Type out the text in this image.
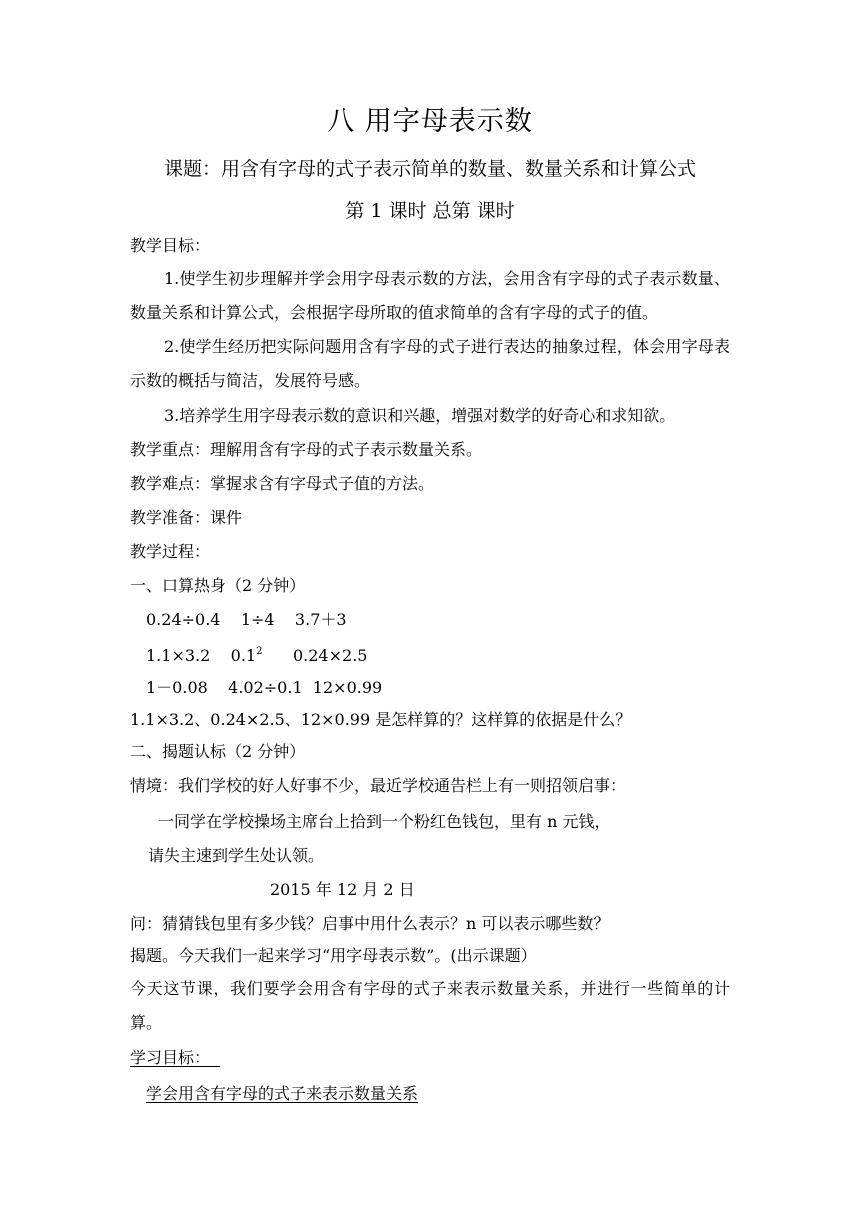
八 用字母表示数
课题：用含有字母的式子表示简单的数量、数量关系和计算公式
第 1 课时 总第 课时
教学目标：
1.使学生初步理解并学会用字母表示数的方法，会用含有字母的式子表示数量、数量关系和计算公式，会根据字母所取的值求简单的含有字母的式子的值。
2.使学生经历把实际问题用含有字母的式子进行表达的抽象过程，体会用字母表示数的概括与简洁，发展符号感。
3.培养学生用字母表示数的意识和兴趣，增强对数学的好奇心和求知欲。
教学重点：理解用含有字母的式子表示数量关系。
教学难点：掌握求含有字母式子值的方法。
教学准备：课件
教学过程：
一、口算热身（2 分钟）
0.24÷0.4    1÷4    3.7＋3
1.1×3.2    $0.1^2$      0.24×2.5
1－0.08    4.02÷0.1  12×0.99
1.1×3.2、0.24×2.5、12×0.99 是怎样算的？这样算的依据是什么？
二、揭题认标（2 分钟）
情境：我们学校的好人好事不少，最近学校通告栏上有一则招领启事：
一同学在学校操场主席台上拾到一个粉红色钱包，里有 n 元钱，
请失主速到学生处认领。
2015 年 12 月 2 日
问：猜猜钱包里有多少钱？启事中用什么表示？n 可以表示哪些数？
揭题。今天我们一起来学习“用字母表示数”。(出示课题）
今天这节课，我们要学会用含有字母的式子来表示数量关系，并进行一些简单的计算。
学习目标：
学会用含有字母的式子来表示数量关系
